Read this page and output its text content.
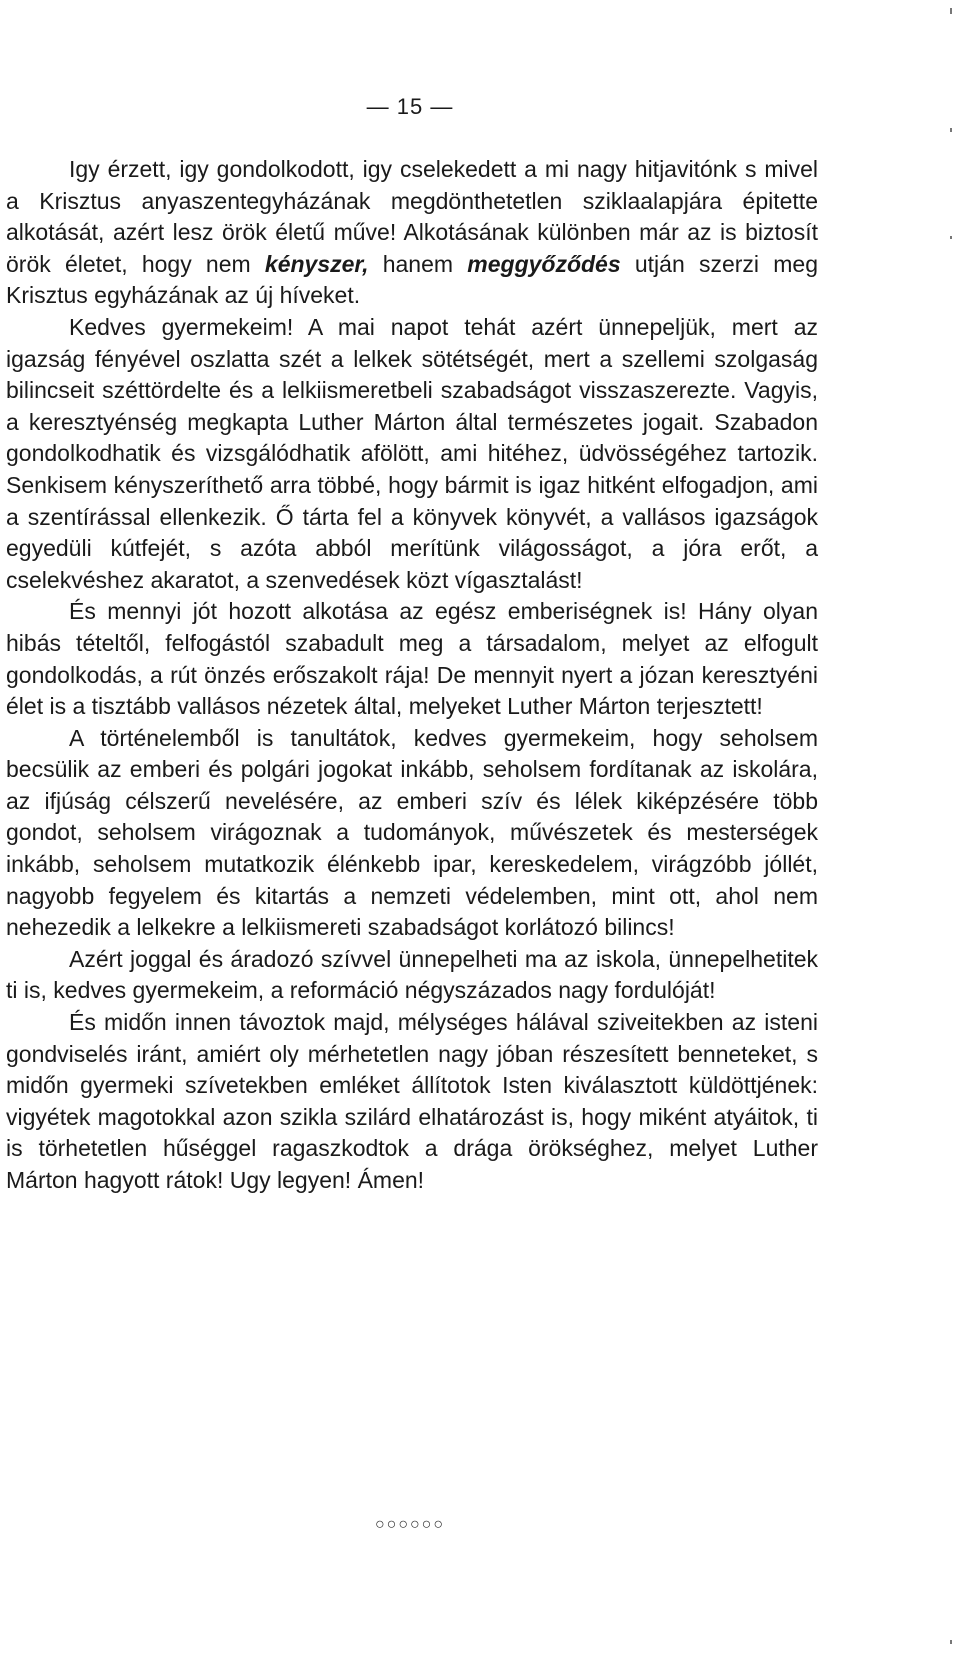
— 15 —

Igy érzett, igy gondolkodott, igy cselekedett a mi nagy hitjavitónk s mivel a Krisztus anyaszentegyházának megdönthetetlen sziklaalapjára épitette alkotását, azért lesz örök életű műve! Alkotásának különben már az is biztosít örök életet, hogy nem kényszer, hanem meggyőződés utján szerzi meg Krisztus egyházának az új híveket.

Kedves gyermekeim! A mai napot tehát azért ünnepeljük, mert az igazság fényével oszlatta szét a lelkek sötétségét, mert a szellemi szolgaság bilincseit széttördelte és a lelkiismeretbeli szabadságot visszaszerezte. Vagyis, a keresztyénség megkapta Luther Márton által természetes jogait. Szabadon gondolkodhatik és vizsgálódhatik afölött, ami hitéhez, üdvösségéhez tartozik. Senkisem kényszeríthető arra többé, hogy bármit is igaz hitként elfogadjon, ami a szentírással ellenkezik. Ő tárta fel a könyvek könyvét, a vallásos igazságok egyedüli kútfejét, s azóta abból merítünk világosságot, a jóra erőt, a cselekvéshez akaratot, a szenvedések közt vígasztalást!

És mennyi jót hozott alkotása az egész emberiségnek is! Hány olyan hibás tételtől, felfogástól szabadult meg a társadalom, melyet az elfogult gondolkodás, a rút önzés erőszakolt rája! De mennyit nyert a józan keresztyéni élet is a tisztább vallásos nézetek által, melyeket Luther Márton terjesztett!

A történelemből is tanultátok, kedves gyermekeim, hogy seholsem becsülik az emberi és polgári jogokat inkább, seholsem fordítanak az iskolára, az ifjúság célszerű nevelésére, az emberi szív és lélek kiképzésére több gondot, seholsem virágoznak a tudományok, művészetek és mesterségek inkább, seholsem mutatkozik élénkebb ipar, kereskedelem, virágzóbb jóllét, nagyobb fegyelem és kitartás a nemzeti védelemben, mint ott, ahol nem nehezedik a lelkekre a lelkiismereti szabadságot korlátozó bilincs!

Azért joggal és áradozó szívvel ünnepelheti ma az iskola, ünnepelhetitek ti is, kedves gyermekeim, a reformáció négyszázados nagy fordulóját!

És midőn innen távoztok majd, mélységes hálával sziveitekben az isteni gondviselés iránt, amiért oly mérhetetlen nagy jóban részesített benneteket, s midőn gyermeki szívetekben emléket állítotok Isten kiválasztott küldöttjének: vigyétek magotokkal azon szikla szilárd elhatározást is, hogy miként atyáitok, ti is törhetetlen hűséggel ragaszkodtok a drága örökséghez, melyet Luther Márton hagyott rátok! Ugy legyen! Ámen!

○○○○○○
